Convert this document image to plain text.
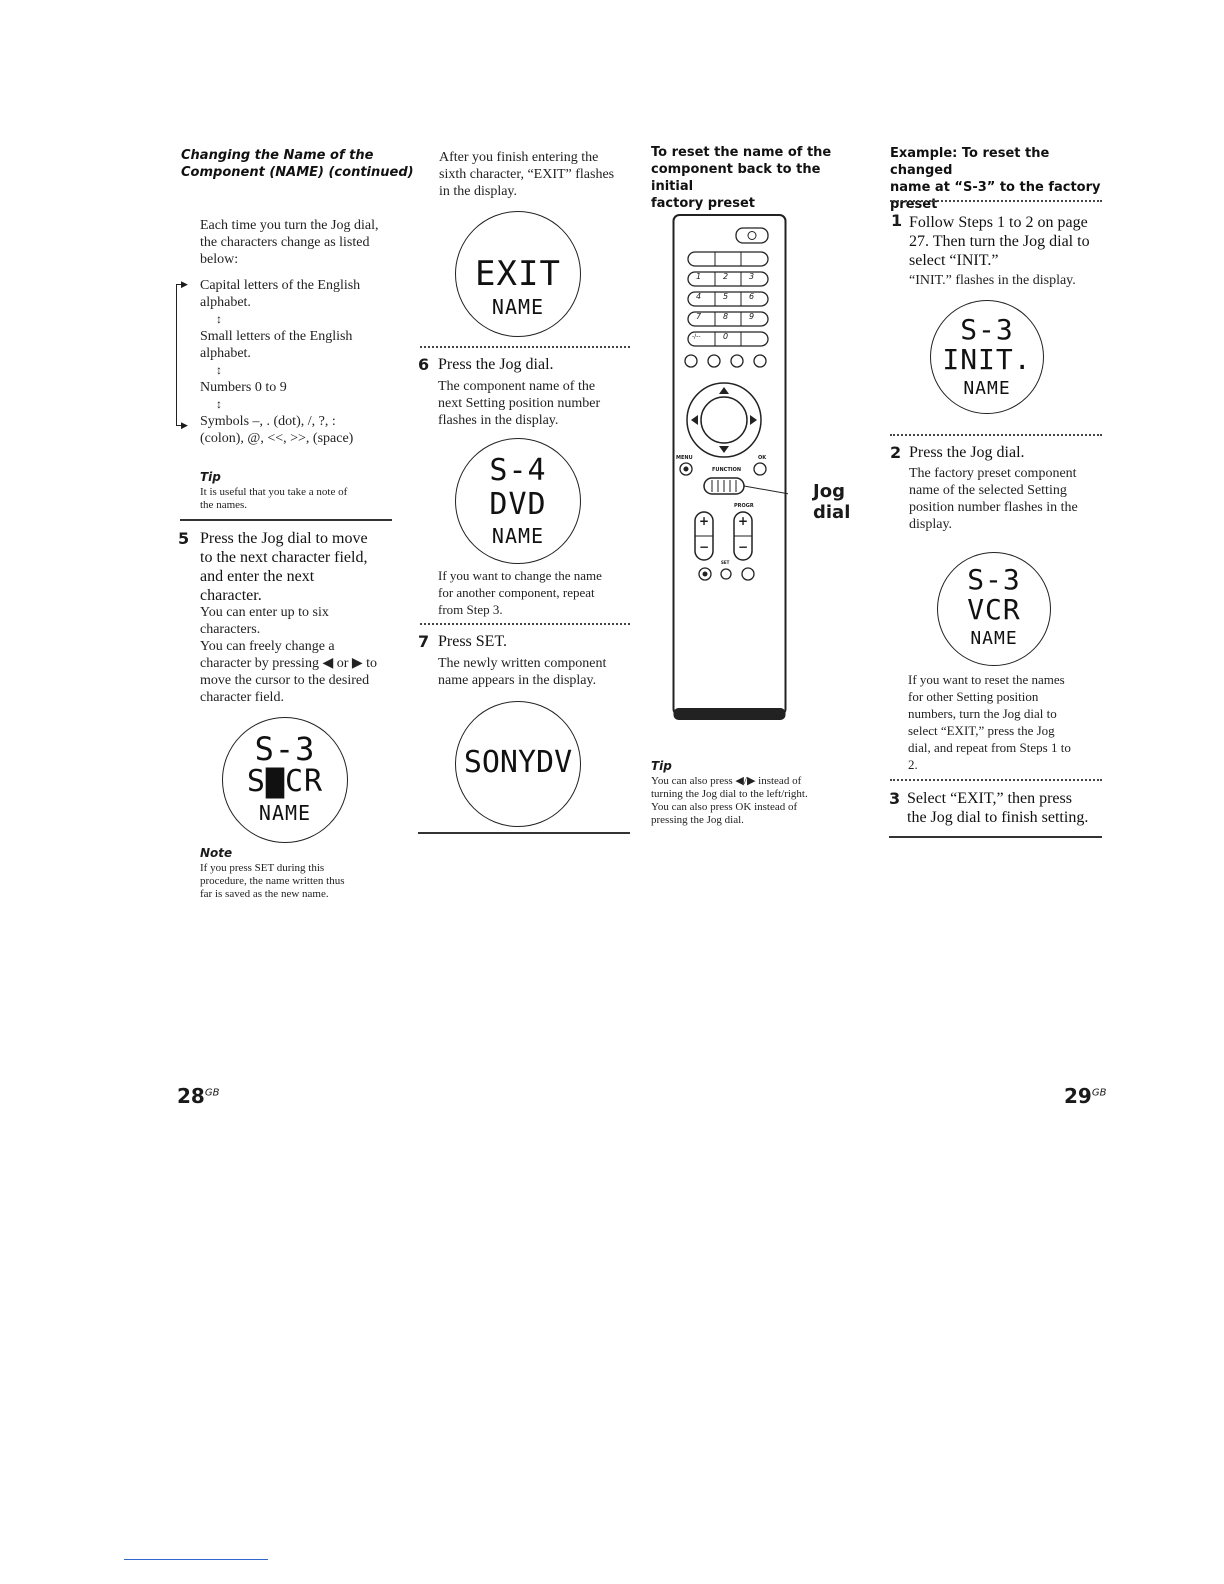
Changing the Name of the
Component (NAME) (continued)
Each time you turn the Jog dial,
the characters change as listed
below:
▶
▶
Capital letters of the English
alphabet.
↕
Small letters of the English
alphabet.
↕
Numbers 0 to 9
↕
Symbols –, . (dot), /, ?, :
(colon), @, <<, >>, (space)
Tip
It is useful that you take a note of
the names.
5 Press the Jog dial to move
to the next character field,
and enter the next
character.
You can enter up to six
characters.
You can freely change a
character by pressing ◀ or ▶ to
move the cursor to the desired
character field.
S-3
S▇CR
NAME
Note
If you press SET during this
procedure, the name written thus
far is saved as the new name.
After you finish entering the
sixth character, “EXIT” flashes
in the display.
EXIT
NAME
6 Press the Jog dial.
The component name of the
next Setting position number
flashes in the display.
S-4
DVD
NAME
If you want to change the name
for another component, repeat
from Step 3.
7 Press SET.
The newly written component
name appears in the display.
SONYDV
To reset the name of the
component back to the initial
factory preset
1	2	3
4	5	6
7	8	9
-/--	0
MENU	OK
FUNCTION
PROGR
+
−
+
−
SET
Jog
dial
Tip
You can also press ◀/▶ instead of
turning the Jog dial to the left/right.
You can also press OK instead of
pressing the Jog dial.
Example: To reset the changed
name at “S-3” to the factory
preset
1 Follow Steps 1 to 2 on page
27. Then turn the Jog dial to
select “INIT.”
“INIT.” flashes in the display.
S-3
INIT.
NAME
2 Press the Jog dial.
The factory preset component
name of the selected Setting
position number flashes in the
display.
S-3
VCR
NAME
If you want to reset the names
for other Setting position
numbers, turn the Jog dial to
select “EXIT,” press the Jog
dial, and repeat from Steps 1 to
2.
3 Select “EXIT,” then press
the Jog dial to finish setting.
$28^{GB}$	$29^{GB}$
